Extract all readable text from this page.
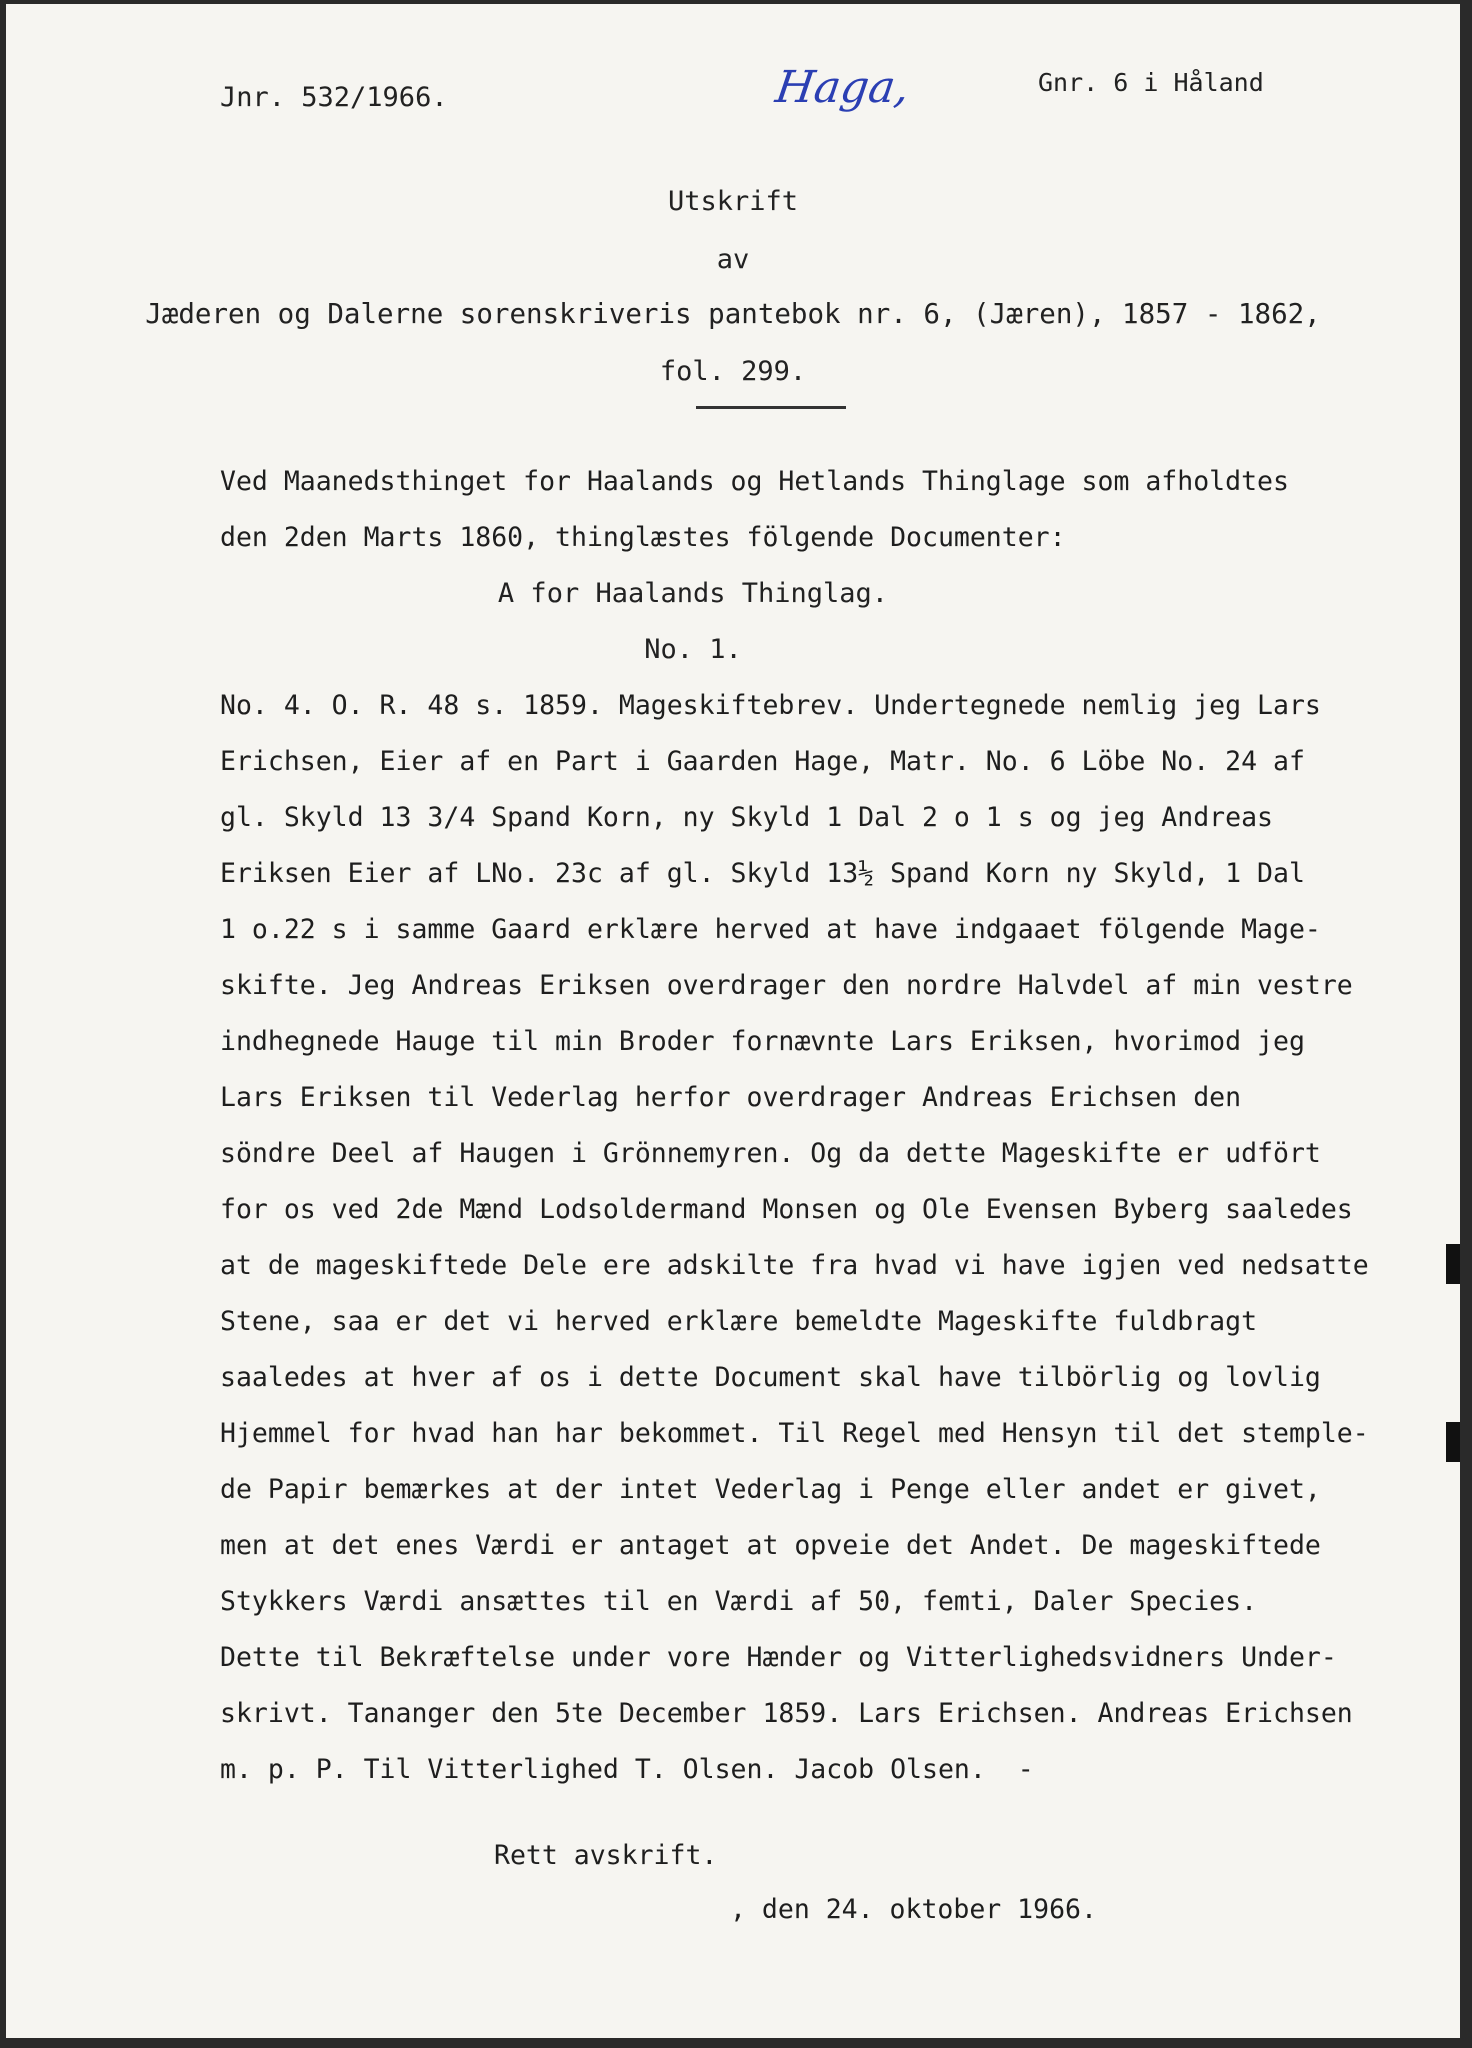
Jnr. 532/1966.	Haga,	Gnr. 6 i Håland
Utskrift
av
Jæderen og Dalerne sorenskriveris pantebok nr. 6, (Jæren), 1857 - 1862,
fol. 299.
Ved Maanedsthinget for Haalands og Hetlands Thinglage som afholdtes
den 2den Marts 1860, thinglæstes fölgende Documenter:
A for Haalands Thinglag.
No. 1.
No. 4. O. R. 48 s. 1859. Mageskiftebrev. Undertegnede nemlig jeg Lars
Erichsen, Eier af en Part i Gaarden Hage, Matr. No. 6 Löbe No. 24 af
gl. Skyld 13 3/4 Spand Korn, ny Skyld 1 Dal 2 o 1 s og jeg Andreas
Eriksen Eier af LNo. 23c af gl. Skyld 13½ Spand Korn ny Skyld, 1 Dal
1 o.22 s i samme Gaard erklære herved at have indgaaet fölgende Mage-
skifte. Jeg Andreas Eriksen overdrager den nordre Halvdel af min vestre
indhegnede Hauge til min Broder fornævnte Lars Eriksen, hvorimod jeg
Lars Eriksen til Vederlag herfor overdrager Andreas Erichsen den
söndre Deel af Haugen i Grönnemyren. Og da dette Mageskifte er udfört
for os ved 2de Mænd Lodsoldermand Monsen og Ole Evensen Byberg saaledes
at de mageskiftede Dele ere adskilte fra hvad vi have igjen ved nedsatte
Stene, saa er det vi herved erklære bemeldte Mageskifte fuldbragt
saaledes at hver af os i dette Document skal have tilbörlig og lovlig
Hjemmel for hvad han har bekommet. Til Regel med Hensyn til det stemple-
de Papir bemærkes at der intet Vederlag i Penge eller andet er givet,
men at det enes Værdi er antaget at opveie det Andet. De mageskiftede
Stykkers Værdi ansættes til en Værdi af 50, femti, Daler Species.
Dette til Bekræftelse under vore Hænder og Vitterlighedsvidners Under-
skrivt. Tananger den 5te December 1859. Lars Erichsen. Andreas Erichsen
m. p. P. Til Vitterlighed T. Olsen. Jacob Olsen.  -
Rett avskrift.
, den 24. oktober 1966.
